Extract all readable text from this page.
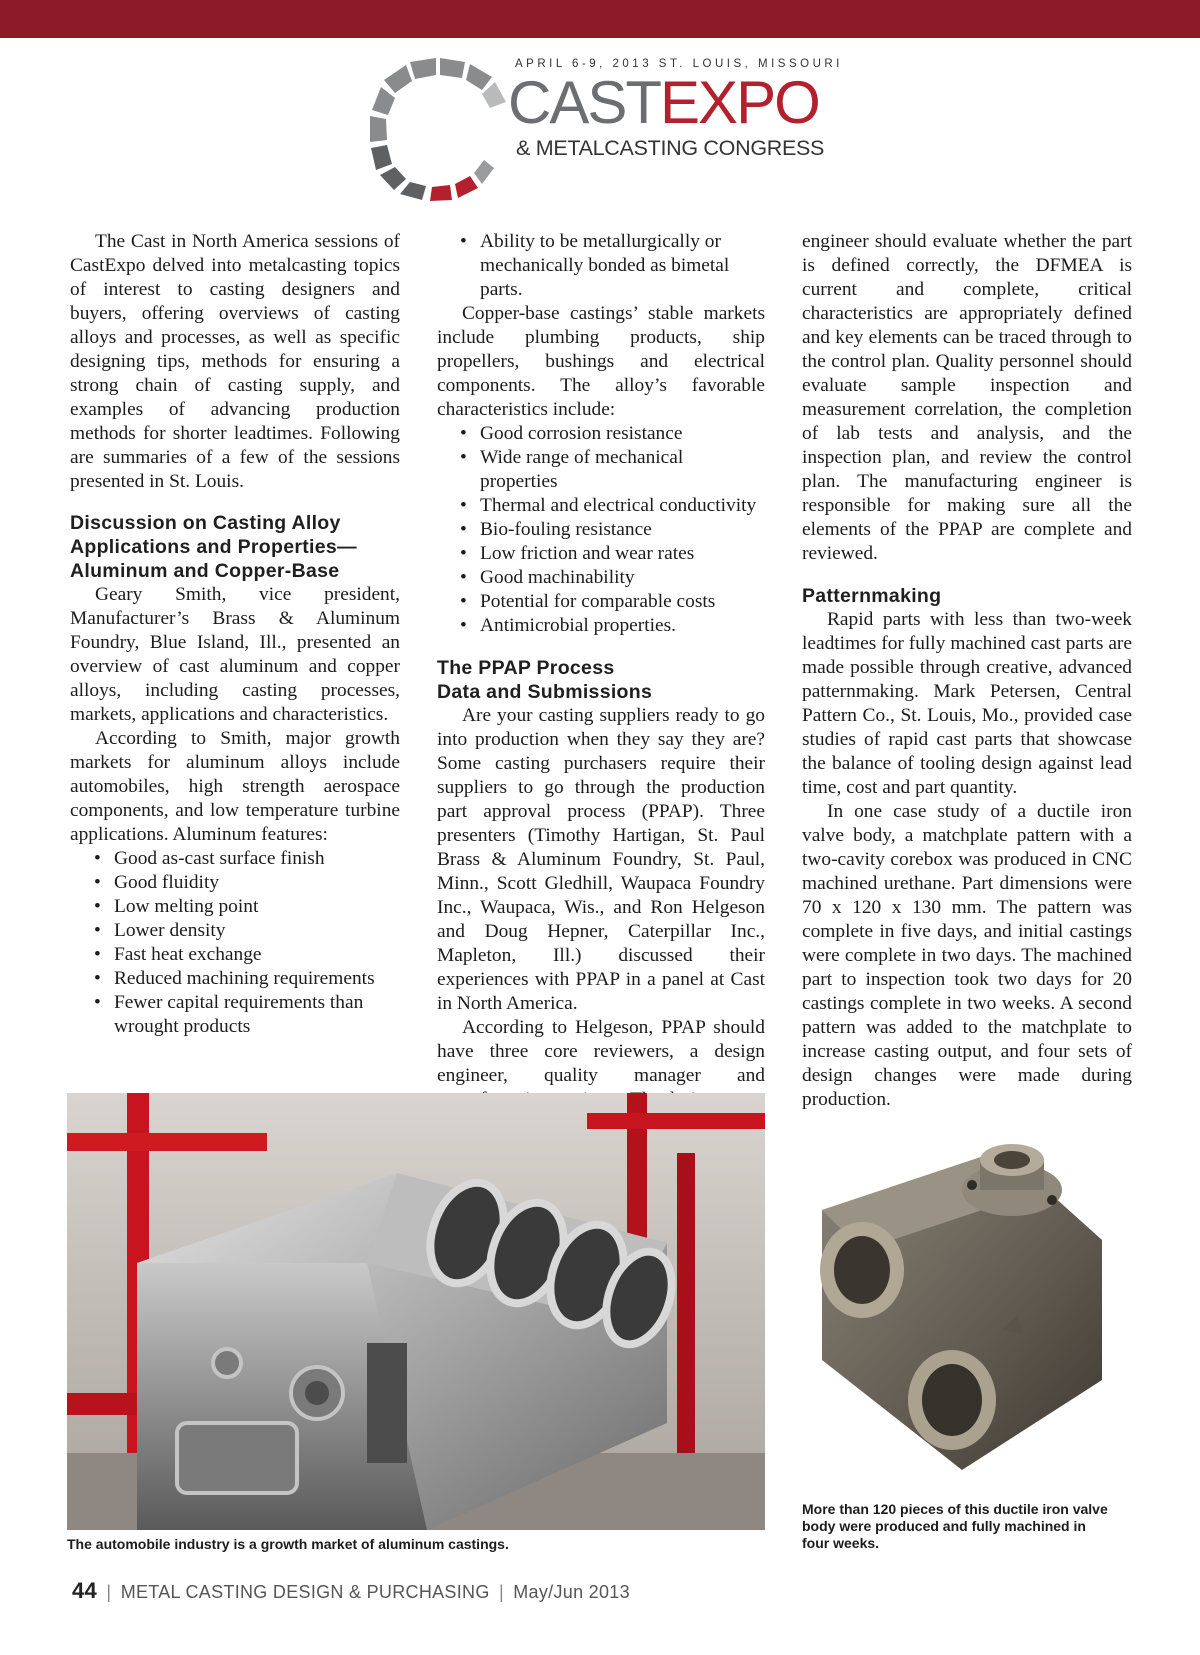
APRIL 6-9, 2013 ST. LOUIS, MISSOURI
CASTEXPO
& METALCASTING CONGRESS

The Cast in North America sessions of CastExpo delved into metalcasting topics of interest to casting designers and buyers, offering overviews of casting alloys and processes, as well as specific designing tips, methods for ensuring a strong chain of casting supply, and examples of advancing production methods for shorter leadtimes. Following are summaries of a few of the sessions presented in St. Louis.

Discussion on Casting Alloy Applications and Properties—Aluminum and Copper-Base

Geary Smith, vice president, Manufacturer’s Brass & Aluminum Foundry, Blue Island, Ill., presented an overview of cast aluminum and copper alloys, including casting processes, markets, applications and characteristics.

According to Smith, major growth markets for aluminum alloys include automobiles, high strength aerospace components, and low temperature turbine applications. Aluminum features:

• Good as-cast surface finish
• Good fluidity
• Low melting point
• Lower density
• Fast heat exchange
• Reduced machining requirements
• Fewer capital requirements than wrought products
• Ability to be metallurgically or mechanically bonded as bimetal parts.

Copper-base castings’ stable markets include plumbing products, ship propellers, bushings and electrical components. The alloy’s favorable characteristics include:

• Good corrosion resistance
• Wide range of mechanical properties
• Thermal and electrical conductivity
• Bio-fouling resistance
• Low friction and wear rates
• Good machinability
• Potential for comparable costs
• Antimicrobial properties.
The PPAP Process
Data and Submissions

Are your casting suppliers ready to go into production when they say they are? Some casting purchasers require their suppliers to go through the production part approval process (PPAP). Three presenters (Timothy Hartigan, St. Paul Brass & Aluminum Foundry, St. Paul, Minn., Scott Gledhill, Waupaca Foundry Inc., Waupaca, Wis., and Ron Helgeson and Doug Hepner, Caterpillar Inc., Mapleton, Ill.) discussed their experiences with PPAP in a panel at Cast in North America.

According to Helgeson, PPAP should have three core reviewers, a design engineer, quality manager and

engineer should evaluate whether the part is defined correctly, the DFMEA is current and complete, critical characteristics are appropriately defined and key elements can be traced through to the control plan. Quality personnel should evaluate sample inspection and measurement correlation, the completion of lab tests and analysis, and the inspection plan, and review the control plan. The manufacturing engineer is responsible for making sure all the elements of the PPAP are complete and reviewed.

Patternmaking

Rapid parts with less than two-week leadtimes for fully machined cast parts are made possible through creative, advanced patternmaking. Mark Petersen, Central Pattern Co., St. Louis, Mo., provided case studies of rapid cast parts that showcase the balance of tooling design against lead time, cost and part quantity.

In one case study of a ductile iron valve body, a matchplate pattern with a two-cavity corebox was produced in CNC machined urethane. Part dimensions were 70 x 120 x 130 mm. The pattern was complete in five days, and initial castings were complete in two days. The machined part to inspection took two days for 20 castings complete in two weeks. A second pattern was added to the matchplate to increase casting output, and four sets of design changes were made during production.

The automobile industry is a growth market of aluminum castings.
More than 120 pieces of this ductile iron valve body were produced and fully machined in four weeks.
44 | METAL CASTING DESIGN & PURCHASING | May/Jun 2013
